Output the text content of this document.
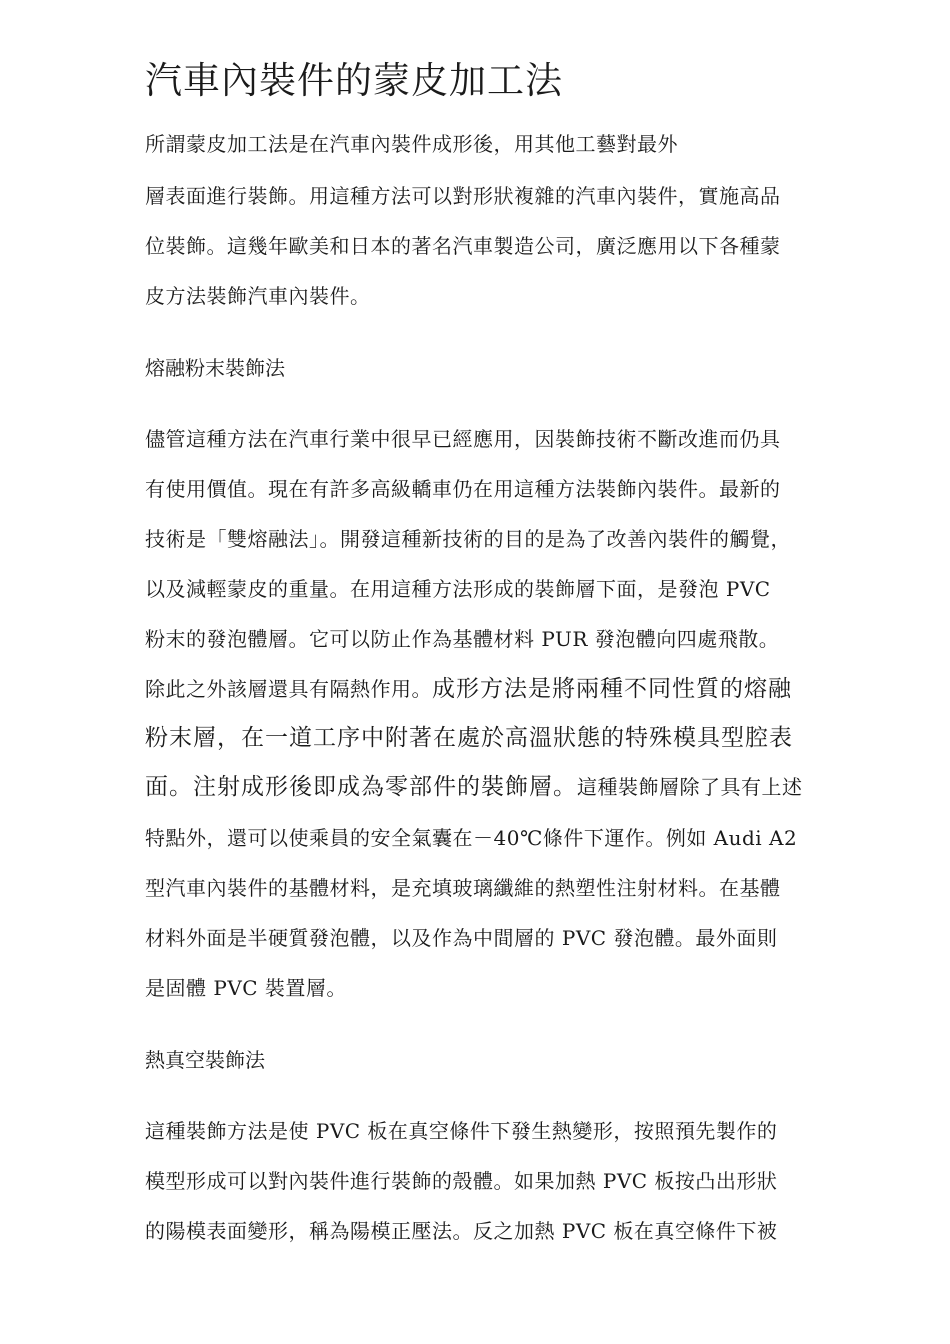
汽車內裝件的蒙皮加工法
所謂蒙皮加工法是在汽車內裝件成形後，用其他工藝對最外
層表面進行裝飾。用這種方法可以對形狀複雜的汽車內裝件，實施高品
位裝飾。這幾年歐美和日本的著名汽車製造公司，廣泛應用以下各種蒙
皮方法裝飾汽車內裝件。
熔融粉末裝飾法
儘管這種方法在汽車行業中很早已經應用，因裝飾技術不斷改進而仍具
有使用價值。現在有許多高級轎車仍在用這種方法裝飾內裝件。最新的
技術是「雙熔融法」。開發這種新技術的目的是為了改善內裝件的觸覺，
以及減輕蒙皮的重量。在用這種方法形成的裝飾層下面，是發泡 PVC
粉末的發泡體層。它可以防止作為基體材料 PUR 發泡體向四處飛散。
除此之外該層還具有隔熱作用。成形方法是將兩種不同性質的熔融
粉末層，在一道工序中附著在處於高溫狀態的特殊模具型腔表
面。注射成形後即成為零部件的裝飾層。這種裝飾層除了具有上述
特點外，還可以使乘員的安全氣囊在－40℃條件下運作。例如 Audi A2
型汽車內裝件的基體材料，是充填玻璃纖維的熱塑性注射材料。在基體
材料外面是半硬質發泡體，以及作為中間層的 PVC 發泡體。最外面則
是固體 PVC 裝置層。
熱真空裝飾法
這種裝飾方法是使 PVC 板在真空條件下發生熱變形，按照預先製作的
模型形成可以對內裝件進行裝飾的殼體。如果加熱 PVC 板按凸出形狀
的陽模表面變形，稱為陽模正壓法。反之加熱 PVC 板在真空條件下被
